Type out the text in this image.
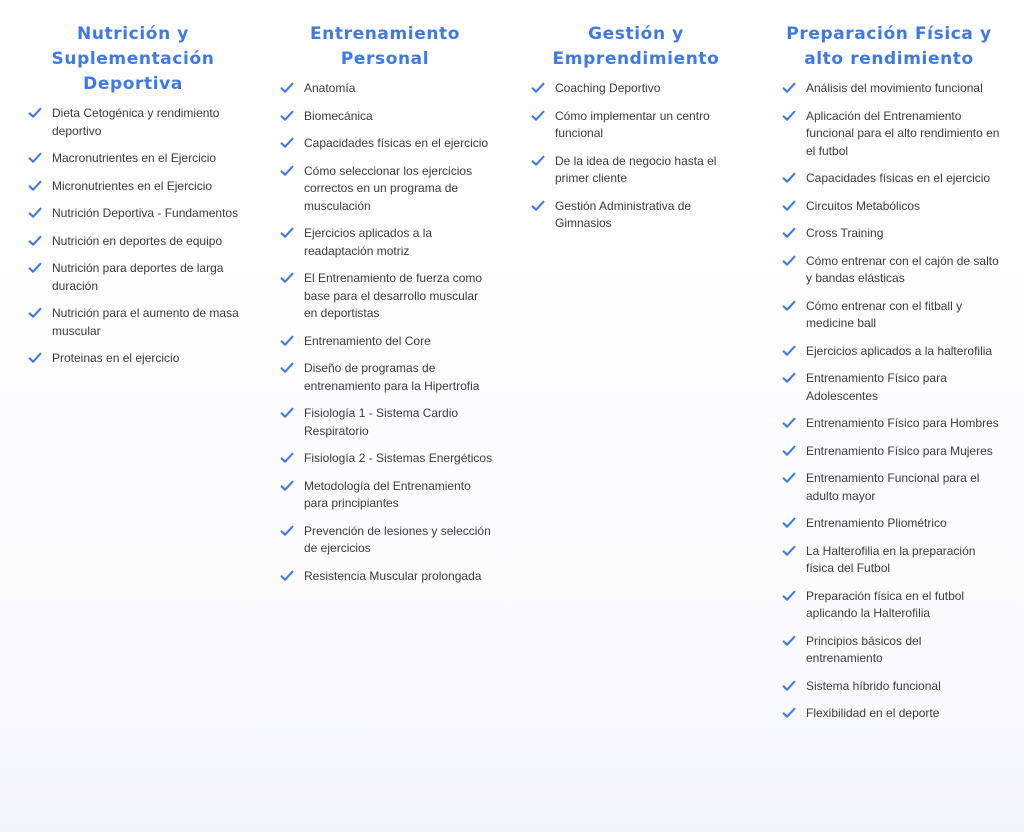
Nutrición y
Suplementación
Deportiva
Dieta Cetogénica y rendimiento deportivo
Macronutrientes en el Ejercicio
Micronutrientes en el Ejercicio
Nutrición Deportiva - Fundamentos
Nutrición en deportes de equipo
Nutrición para deportes de larga duración
Nutrición para el aumento de masa muscular
Proteinas en el ejercicio
Entrenamiento
Personal
Anatomía
Biomecánica
Capacidades físicas en el ejercicio
Cómo seleccionar los ejercicios correctos en un programa de musculación
Ejercicios aplicados a la readaptación motriz
El Entrenamiento de fuerza como base para el desarrollo muscular en deportistas
Entrenamiento del Core
Diseño de programas de entrenamiento para la Hipertrofia
Fisiología 1 - Sistema Cardio Respiratorio
Fisiología 2 - Sistemas Energéticos
Metodología del Entrenamiento para principiantes
Prevención de lesiones y selección de ejercicios
Resistencia Muscular prolongada
Gestión y
Emprendimiento
Coaching Deportivo
Cómo implementar un centro funcional
De la idea de negocio hasta el primer cliente
Gestión Administrativa de Gimnasios
Preparación Física y
alto rendimiento
Análisis del movimiento funcional
Aplicación del Entrenamiento funcional para el alto rendimiento en el futbol
Capacidades físicas en el ejercicio
Circuitos Metabólicos
Cross Training
Cómo entrenar con el cajón de salto y bandas elásticas
Cómo entrenar con el fitball y medicine ball
Ejercicios aplicados a la halterofilia
Entrenamiento Físico para Adolescentes
Entrenamiento Físico para Hombres
Entrenamiento Físico para Mujeres
Entrenamiento Funcional para el adulto mayor
Entrenamiento Pliométrico
La Halterofilia en la preparación física del Futbol
Preparación física en el futbol aplicando la Halterofilia
Principios básicos del entrenamiento
Sistema híbrido funcional
Flexibilidad en el deporte
